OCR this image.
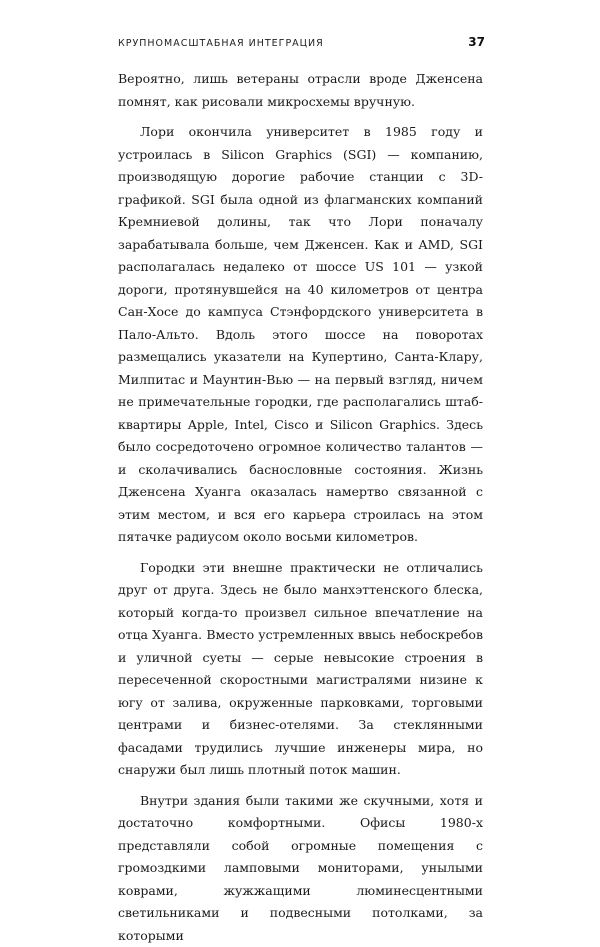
КРУПНОМАСШТАБНАЯ ИНТЕГРАЦИЯ	37

Вероятно, лишь ветераны отрасли вроде Дженсена помнят, как рисовали микросхемы вручную.

Лори окончила университет в 1985 году и устроилась в Silicon Graphics (SGI) — компанию, производящую дорогие рабочие станции с 3D-графикой. SGI была одной из флагманских компаний Кремниевой долины, так что Лори поначалу зарабатывала больше, чем Дженсен. Как и AMD, SGI располагалась недалеко от шоссе US 101 — узкой дороги, протянувшейся на 40 километров от центра Сан-Хосе до кампуса Стэнфордского университета в Пало-Альто. Вдоль этого шоссе на поворотах размещались указатели на Купертино, Санта-Клару, Милпитас и Маунтин-Вью — на первый взгляд, ничем не примечательные городки, где располагались штаб-квартиры Apple, Intel, Cisco и Silicon Graphics. Здесь было сосредоточено огромное количество талантов — и сколачивались баснословные состояния. Жизнь Дженсена Хуанга оказалась намертво связанной с этим местом, и вся его карьера строилась на этом пятачке радиусом около восьми километров.

Городки эти внешне практически не отличались друг от друга. Здесь не было манхэттенского блеска, который когда-то произвел сильное впечатление на отца Хуанга. Вместо устремленных ввысь небоскребов и уличной суеты — серые невысокие строения в пересеченной скоростными магистралями низине к югу от залива, окруженные парковками, торговыми центрами и бизнес-отелями. За стеклянными фасадами трудились лучшие инженеры мира, но снаружи был лишь плотный поток машин.

Внутри здания были такими же скучными, хотя и достаточно комфортными. Офисы 1980-х представляли собой огромные помещения с громоздкими ламповыми мониторами, унылыми коврами, жужжащими люминесцентными светильниками и подвесными потолками, за которыми
